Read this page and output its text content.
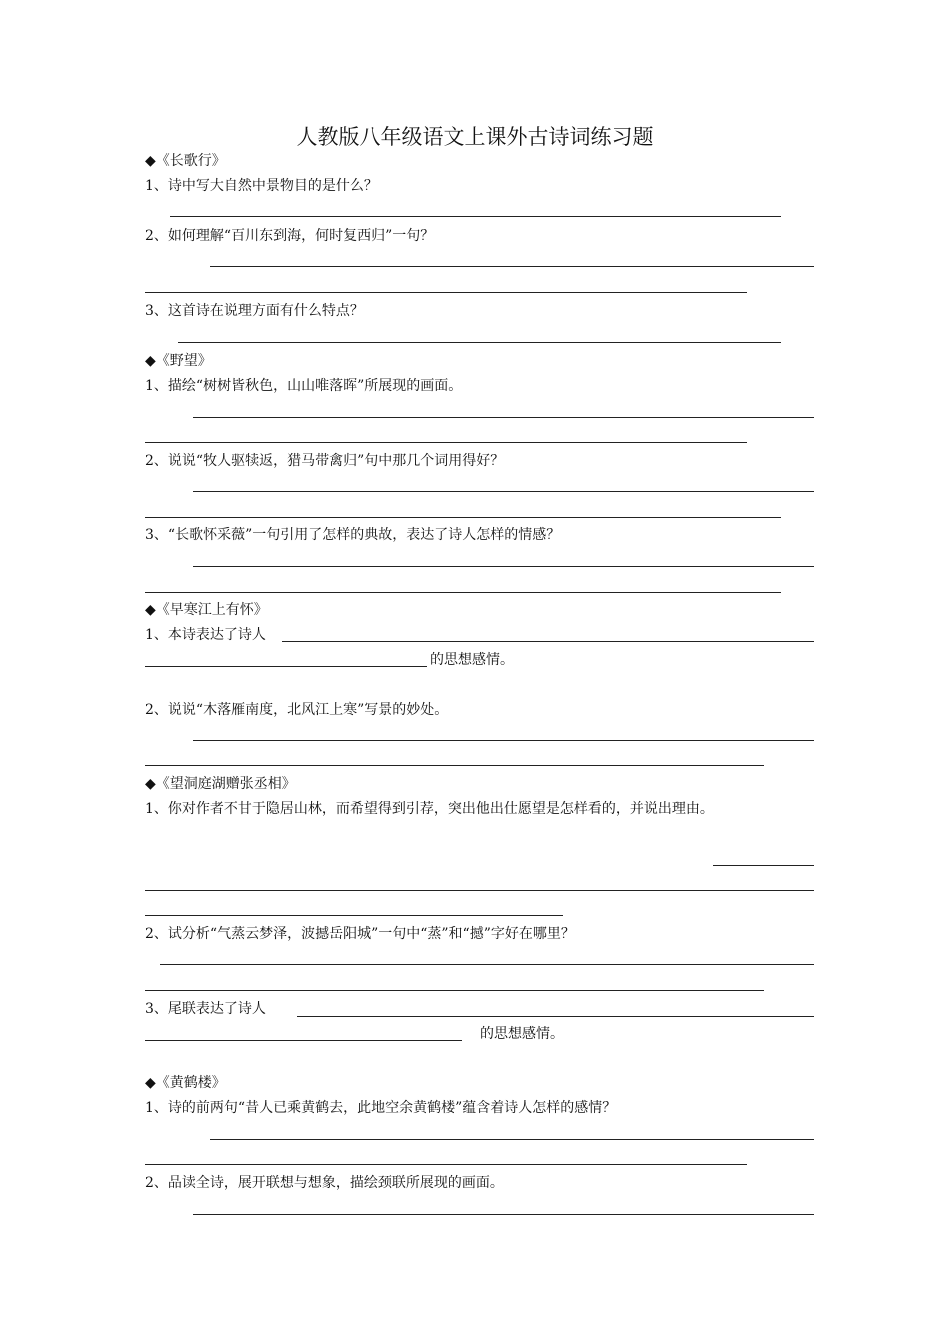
人教版八年级语文上课外古诗词练习题
◆《长歌行》
1、诗中写大自然中景物目的是什么？
2、如何理解“百川东到海，何时复西归”一句？
3、这首诗在说理方面有什么特点？
◆《野望》
1、描绘“树树皆秋色，山山唯落晖”所展现的画面。
2、说说“牧人驱犊返，猎马带禽归”句中那几个词用得好？
3、“长歌怀采薇”一句引用了怎样的典故，表达了诗人怎样的情感？
◆《早寒江上有怀》
1、本诗表达了诗人
的思想感情。
2、说说“木落雁南度，北风江上寒”写景的妙处。
◆《望洞庭湖赠张丞相》
1、你对作者不甘于隐居山林，而希望得到引荐，突出他出仕愿望是怎样看的，并说出理由。
2、试分析“气蒸云梦泽，波撼岳阳城”一句中“蒸”和“撼”字好在哪里？
3、尾联表达了诗人
的思想感情。
◆《黄鹤楼》
1、诗的前两句“昔人已乘黄鹤去，此地空余黄鹤楼”蕴含着诗人怎样的感情？
2、品读全诗，展开联想与想象，描绘颈联所展现的画面。
